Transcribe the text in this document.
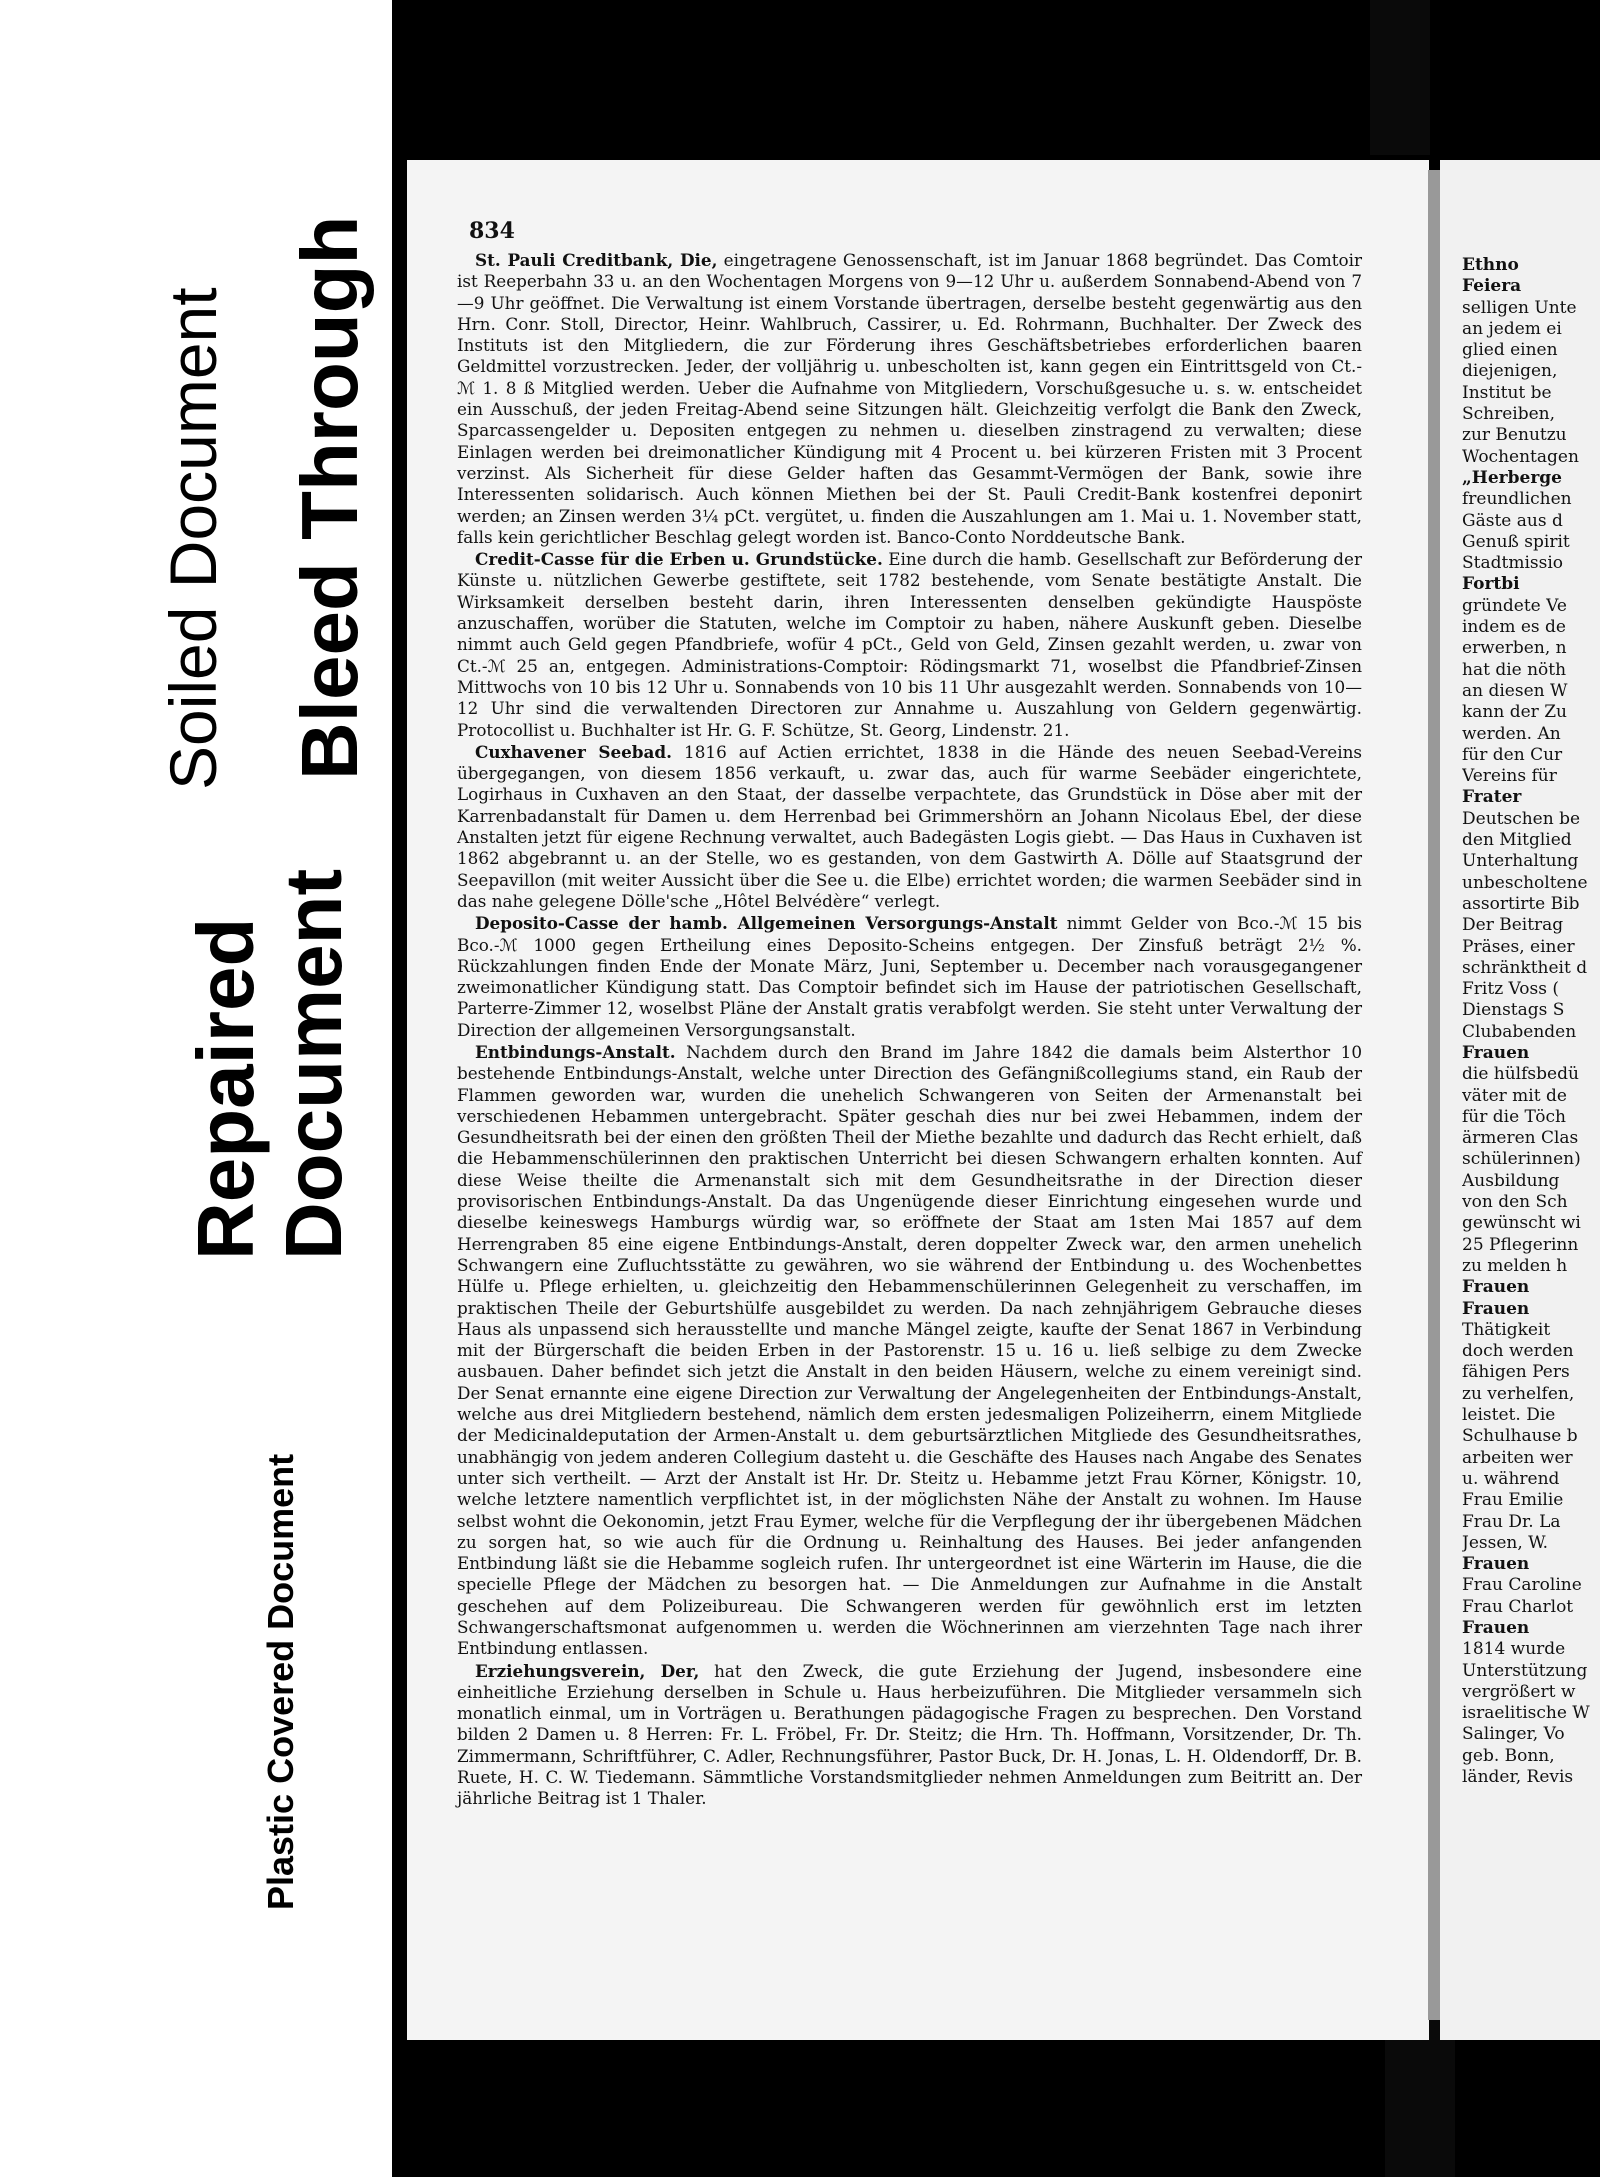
Soiled Document Bleed Through
Repaired Document
Plastic Covered Document
834

St. Pauli Creditbank, Die, eingetragene Genossenschaft, ist im Januar 1868 begründet. Das Comtoir ist Reeperbahn 33 u. an den Wochentagen Morgens von 9—12 Uhr u. außerdem Sonnabend-Abend von 7—9 Uhr geöffnet. Die Verwaltung ist einem Vorstande übertragen, derselbe besteht gegenwärtig aus den Hrn. Conr. Stoll, Director, Heinr. Wahlbruch, Cassirer, u. Ed. Rohrmann, Buchhalter. Der Zweck des Instituts ist den Mitgliedern, die zur Förderung ihres Geschäftsbetriebes erforderlichen baaren Geldmittel vorzustrecken. Jeder, der volljährig u. unbescholten ist, kann gegen ein Eintrittsgeld von Ct.-ℳ 1. 8 ß Mitglied werden. Ueber die Aufnahme von Mitgliedern, Vorschußgesuche u. s. w. entscheidet ein Ausschuß, der jeden Freitag-Abend seine Sitzungen hält. Gleichzeitig verfolgt die Bank den Zweck, Sparcassengelder u. Depositen entgegen zu nehmen u. dieselben zinstragend zu verwalten; diese Einlagen werden bei dreimonatlicher Kündigung mit 4 Procent u. bei kürzeren Fristen mit 3 Procent verzinst. Als Sicherheit für diese Gelder haften das Gesammt-Vermögen der Bank, sowie ihre Interessenten solidarisch. Auch können Miethen bei der St. Pauli Credit-Bank kostenfrei deponirt werden; an Zinsen werden 3¼ pCt. vergütet, u. finden die Auszahlungen am 1. Mai u. 1. November statt, falls kein gerichtlicher Beschlag gelegt worden ist. Banco-Conto Norddeutsche Bank.

Credit-Casse für die Erben u. Grundstücke. Eine durch die hamb. Gesellschaft zur Beförderung der Künste u. nützlichen Gewerbe gestiftete, seit 1782 bestehende, vom Senate bestätigte Anstalt. Die Wirksamkeit derselben besteht darin, ihren Interessenten denselben gekündigte Hauspöste anzuschaffen, worüber die Statuten, welche im Comptoir zu haben, nähere Auskunft geben. Dieselbe nimmt auch Geld gegen Pfandbriefe, wofür 4 pCt., Geld von Geld, Zinsen gezahlt werden, u. zwar von Ct.-ℳ 25 an, entgegen. Administrations-Comptoir: Rödingsmarkt 71, woselbst die Pfandbrief-Zinsen Mittwochs von 10 bis 12 Uhr u. Sonnabends von 10 bis 11 Uhr ausgezahlt werden. Sonnabends von 10—12 Uhr sind die verwaltenden Directoren zur Annahme u. Auszahlung von Geldern gegenwärtig. Protocollist u. Buchhalter ist Hr. G. F. Schütze, St. Georg, Lindenstr. 21.

Cuxhavener Seebad. 1816 auf Actien errichtet, 1838 in die Hände des neuen Seebad-Vereins übergegangen, von diesem 1856 verkauft, u. zwar das, auch für warme Seebäder eingerichtete, Logirhaus in Cuxhaven an den Staat, der dasselbe verpachtete, das Grundstück in Döse aber mit der Karrenbadanstalt für Damen u. dem Herrenbad bei Grimmershörn an Johann Nicolaus Ebel, der diese Anstalten jetzt für eigene Rechnung verwaltet, auch Badegästen Logis giebt. — Das Haus in Cuxhaven ist 1862 abgebrannt u. an der Stelle, wo es gestanden, von dem Gastwirth A. Dölle auf Staatsgrund der Seepavillon (mit weiter Aussicht über die See u. die Elbe) errichtet worden; die warmen Seebäder sind in das nahe gelegene Dölle'sche „Hôtel Belvédère“ verlegt.

Deposito-Casse der hamb. Allgemeinen Versorgungs-Anstalt nimmt Gelder von Bco.-ℳ 15 bis Bco.-ℳ 1000 gegen Ertheilung eines Deposito-Scheins entgegen. Der Zinsfuß beträgt 2½ %. Rückzahlungen finden Ende der Monate März, Juni, September u. December nach vorausgegangener zweimonatlicher Kündigung statt. Das Comptoir befindet sich im Hause der patriotischen Gesellschaft, Parterre-Zimmer 12, woselbst Pläne der Anstalt gratis verabfolgt werden. Sie steht unter Verwaltung der Direction der allgemeinen Versorgungsanstalt.

Entbindungs-Anstalt. Nachdem durch den Brand im Jahre 1842 die damals beim Alsterthor 10 bestehende Entbindungs-Anstalt, welche unter Direction des Gefängnißcollegiums stand, ein Raub der Flammen geworden war, wurden die unehelich Schwangeren von Seiten der Armenanstalt bei verschiedenen Hebammen untergebracht. Später geschah dies nur bei zwei Hebammen, indem der Gesundheitsrath bei der einen den größten Theil der Miethe bezahlte und dadurch das Recht erhielt, daß die Hebammenschülerinnen den praktischen Unterricht bei diesen Schwangern erhalten konnten. Auf diese Weise theilte die Armenanstalt sich mit dem Gesundheitsrathe in der Direction dieser provisorischen Entbindungs-Anstalt. Da das Ungenügende dieser Einrichtung eingesehen wurde und dieselbe keineswegs Hamburgs würdig war, so eröffnete der Staat am 1sten Mai 1857 auf dem Herrengraben 85 eine eigene Entbindungs-Anstalt, deren doppelter Zweck war, den armen unehelich Schwangern eine Zufluchtsstätte zu gewähren, wo sie während der Entbindung u. des Wochenbettes Hülfe u. Pflege erhielten, u. gleichzeitig den Hebammenschülerinnen Gelegenheit zu verschaffen, im praktischen Theile der Geburtshülfe ausgebildet zu werden. Da nach zehnjährigem Gebrauche dieses Haus als unpassend sich herausstellte und manche Mängel zeigte, kaufte der Senat 1867 in Verbindung mit der Bürgerschaft die beiden Erben in der Pastorenstr. 15 u. 16 u. ließ selbige zu dem Zwecke ausbauen. Daher befindet sich jetzt die Anstalt in den beiden Häusern, welche zu einem vereinigt sind. Der Senat ernannte eine eigene Direction zur Verwaltung der Angelegenheiten der Entbindungs-Anstalt, welche aus drei Mitgliedern bestehend, nämlich dem ersten jedesmaligen Polizeiherrn, einem Mitgliede der Medicinaldeputation der Armen-Anstalt u. dem geburtsärztlichen Mitgliede des Gesundheitsrathes, unabhängig von jedem anderen Collegium dasteht u. die Geschäfte des Hauses nach Angabe des Senates unter sich vertheilt. — Arzt der Anstalt ist Hr. Dr. Steitz u. Hebamme jetzt Frau Körner, Königstr. 10, welche letztere namentlich verpflichtet ist, in der möglichsten Nähe der Anstalt zu wohnen. Im Hause selbst wohnt die Oekonomin, jetzt Frau Eymer, welche für die Verpflegung der ihr übergebenen Mädchen zu sorgen hat, so wie auch für die Ordnung u. Reinhaltung des Hauses. Bei jeder anfangenden Entbindung läßt sie die Hebamme sogleich rufen. Ihr untergeordnet ist eine Wärterin im Hause, die die specielle Pflege der Mädchen zu besorgen hat. — Die Anmeldungen zur Aufnahme in die Anstalt geschehen auf dem Polizeibureau. Die Schwangeren werden für gewöhnlich erst im letzten Schwangerschaftsmonat aufgenommen u. werden die Wöchnerinnen am vierzehnten Tage nach ihrer Entbindung entlassen.

Erziehungsverein, Der, hat den Zweck, die gute Erziehung der Jugend, insbesondere eine einheitliche Erziehung derselben in Schule u. Haus herbeizuführen. Die Mitglieder versammeln sich monatlich einmal, um in Vorträgen u. Berathungen pädagogische Fragen zu besprechen. Den Vorstand bilden 2 Damen u. 8 Herren: Fr. L. Fröbel, Fr. Dr. Steitz; die Hrn. Th. Hoffmann, Vorsitzender, Dr. Th. Zimmermann, Schriftführer, C. Adler, Rechnungsführer, Pastor Buck, Dr. H. Jonas, L. H. Oldendorff, Dr. B. Ruete, H. C. W. Tiedemann. Sämmtliche Vorstandsmitglieder nehmen Anmeldungen zum Beitritt an. Der jährliche Beitrag ist 1 Thaler.

Ethno
Feiera
selligen Unte
an jedem ei
glied einen
diejenigen,
Institut be
Schreiben,
zur Benutzu
Wochentagen
„Herberge
freundlichen
Gäste aus d
Genuß spirit
Stadtmissio
Fortbi
gründete Ve
indem es de
erwerben, n
hat die nöth
an diesen W
kann der Zu
werden. An
für den Cur
Vereins für
Frater
Deutschen be
den Mitglied
Unterhaltung
unbescholtene
assortirte Bib
Der Beitrag
Präses, einer
schränktheit d
Fritz Voss (
Dienstags S
Clubabenden
Frauen
die hülfsbedü
väter mit de
für die Töch
ärmeren Clas
schülerinnen)
Ausbildung
von den Sch
gewünscht wi
25 Pflegerinn
zu melden h
Frauen
Frauen
Thätigkeit
doch werden
fähigen Pers
zu verhelfen,
leistet. Die
Schulhause b
arbeiten wer
u. während
Frau Emilie
Frau Dr. La
Jessen, W.
Frauen
Frau Caroline
Frau Charlot
Frauen
1814 wurde
Unterstützung
vergrößert w
israelitische W
Salinger, Vo
geb. Bonn,
länder, Revis
